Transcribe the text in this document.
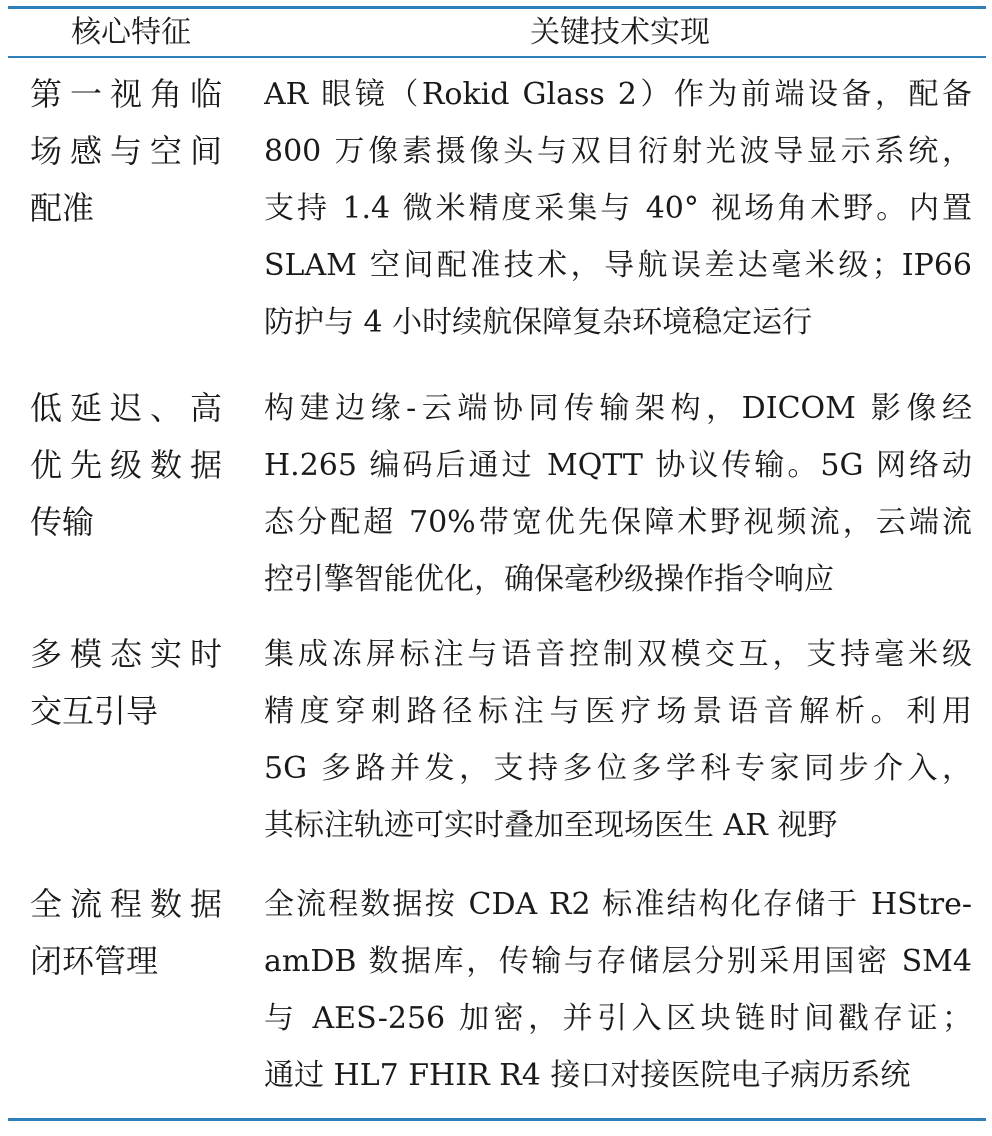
核心特征	关键技术实现
第一视角临
场感与空间
配准
AR 眼镜（Rokid Glass 2）作为前端设备，配备
800 万像素摄像头与双目衍射光波导显示系统，
支持 1.4 微米精度采集与 40° 视场角术野。内置
SLAM 空间配准技术，导航误差达毫米级；IP66
防护与 4 小时续航保障复杂环境稳定运行
低延迟、高
优先级数据
传输
构建边缘-云端协同传输架构，DICOM 影像经
H.265 编码后通过 MQTT 协议传输。5G 网络动
态分配超 70%带宽优先保障术野视频流，云端流
控引擎智能优化，确保毫秒级操作指令响应
多模态实时
交互引导
集成冻屏标注与语音控制双模交互，支持毫米级
精度穿刺路径标注与医疗场景语音解析。利用
5G 多路并发，支持多位多学科专家同步介入，
其标注轨迹可实时叠加至现场医生 AR 视野
全流程数据
闭环管理
全流程数据按 CDA R2 标准结构化存储于 HStre-
amDB 数据库，传输与存储层分别采用国密 SM4
与 AES-256 加密，并引入区块链时间戳存证；
通过 HL7 FHIR R4 接口对接医院电子病历系统
